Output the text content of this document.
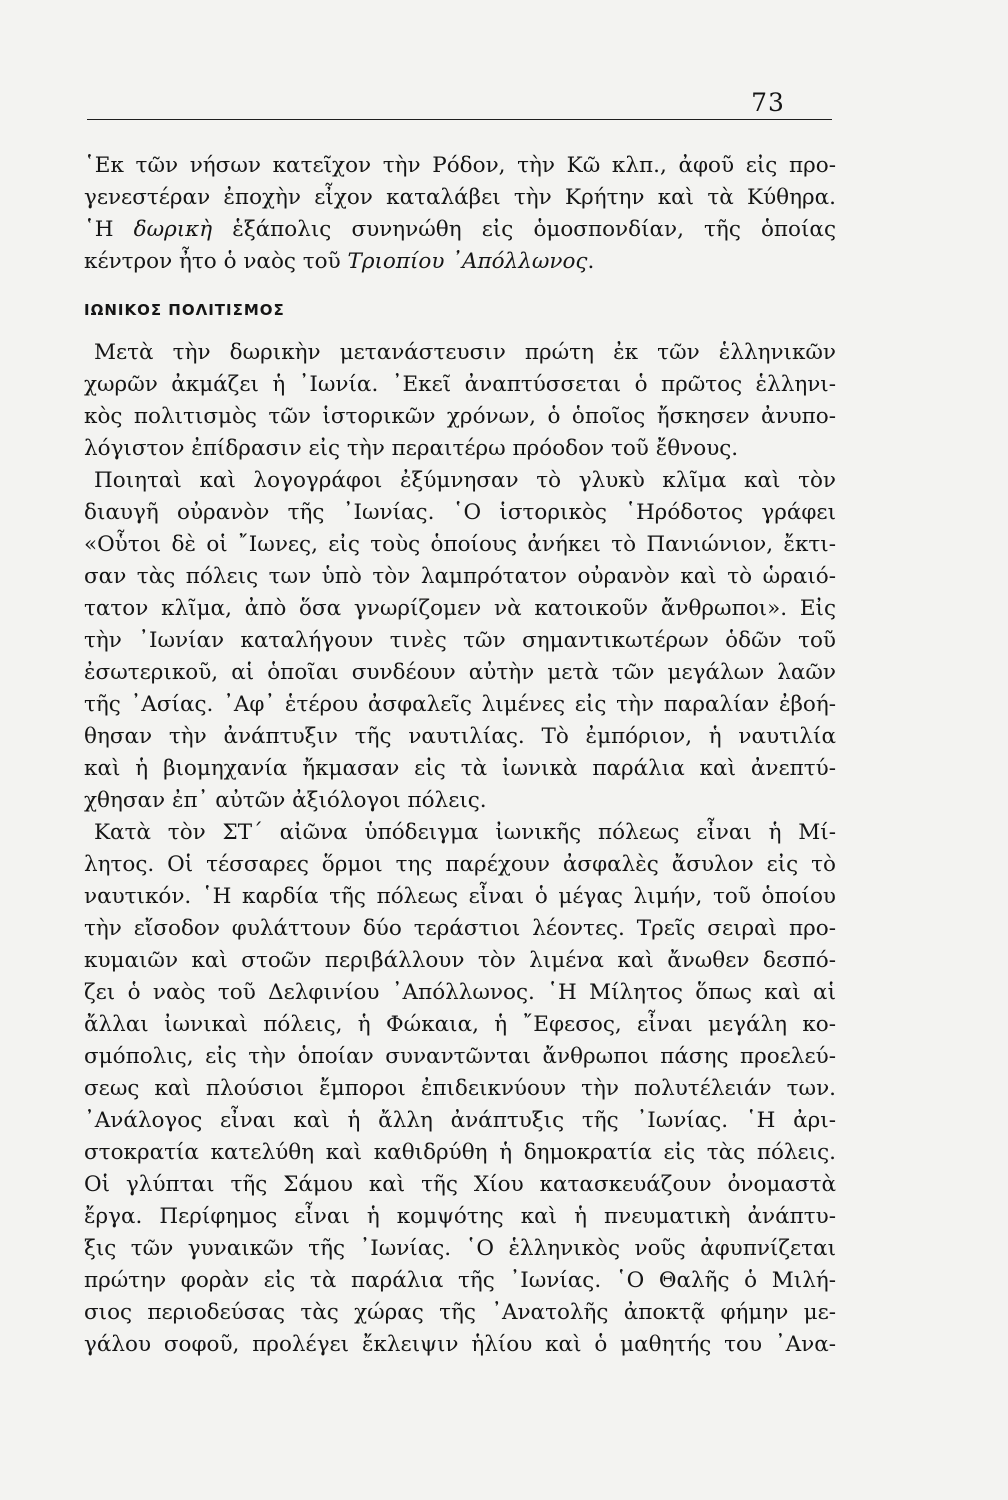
73
῾Εκ τῶν νήσων κατεῖχον τὴν Ρόδον, τὴν Κῶ κλπ., ἀφοῦ εἰς προ-
γενεστέραν ἐποχὴν εἶχον καταλάβει τὴν Κρήτην καὶ τὰ Κύθηρα.
῾Η δωρικὴ ἑξάπολις συνηνώθη εἰς ὁμοσπονδίαν, τῆς ὁποίας
κέντρον ἦτο ὁ ναὸς τοῦ Τριοπίου ᾿Απόλλωνος.
ΙΩΝΙΚΟΣ ΠΟΛΙΤΙΣΜΟΣ
Μετὰ τὴν δωρικὴν μετανάστευσιν πρώτη ἐκ τῶν ἑλληνικῶν
χωρῶν ἀκμάζει ἡ ᾿Ιωνία. ᾿Εκεῖ ἀναπτύσσεται ὁ πρῶτος ἑλληνι-
κὸς πολιτισμὸς τῶν ἱστορικῶν χρόνων, ὁ ὁποῖος ἤσκησεν ἀνυπο-
λόγιστον ἐπίδρασιν εἰς τὴν περαιτέρω πρόοδον τοῦ ἔθνους.
Ποιηταὶ καὶ λογογράφοι ἐξύμνησαν τὸ γλυκὺ κλῖμα καὶ τὸν
διαυγῆ οὐρανὸν τῆς ᾿Ιωνίας. ῾Ο ἱστορικὸς ῾Ηρόδοτος γράφει
«Οὗτοι δὲ οἱ ῎Ιωνες, εἰς τοὺς ὁποίους ἀνήκει τὸ Πανιώνιον, ἔκτι-
σαν τὰς πόλεις των ὑπὸ τὸν λαμπρότατον οὐρανὸν καὶ τὸ ὡραιό-
τατον κλῖμα, ἀπὸ ὅσα γνωρίζομεν νὰ κατοικοῦν ἄνθρωποι». Εἰς
τὴν ᾿Ιωνίαν καταλήγουν τινὲς τῶν σημαντικωτέρων ὁδῶν τοῦ
ἐσωτερικοῦ, αἱ ὁποῖαι συνδέουν αὐτὴν μετὰ τῶν μεγάλων λαῶν
τῆς ᾿Ασίας. ᾿Αφ᾿ ἑτέρου ἀσφαλεῖς λιμένες εἰς τὴν παραλίαν ἐβοή-
θησαν τὴν ἀνάπτυξιν τῆς ναυτιλίας. Τὸ ἐμπόριον, ἡ ναυτιλία
καὶ ἡ βιομηχανία ἤκμασαν εἰς τὰ ἰωνικὰ παράλια καὶ ἀνεπτύ-
χθησαν ἐπ᾿ αὐτῶν ἀξιόλογοι πόλεις.
Κατὰ τὸν ΣΤ΄ αἰῶνα ὑπόδειγμα ἰωνικῆς πόλεως εἶναι ἡ Μί-
λητος. Οἱ τέσσαρες ὅρμοι της παρέχουν ἀσφαλὲς ἄσυλον εἰς τὸ
ναυτικόν. ῾Η καρδία τῆς πόλεως εἶναι ὁ μέγας λιμήν, τοῦ ὁποίου
τὴν εἴσοδον φυλάττουν δύο τεράστιοι λέοντες. Τρεῖς σειραὶ προ-
κυμαιῶν καὶ στοῶν περιβάλλουν τὸν λιμένα καὶ ἄνωθεν δεσπό-
ζει ὁ ναὸς τοῦ Δελφινίου ᾿Απόλλωνος. ῾Η Μίλητος ὅπως καὶ αἱ
ἄλλαι ἰωνικαὶ πόλεις, ἡ Φώκαια, ἡ ῎Εφεσος, εἶναι μεγάλη κο-
σμόπολις, εἰς τὴν ὁποίαν συναντῶνται ἄνθρωποι πάσης προελεύ-
σεως καὶ πλούσιοι ἔμποροι ἐπιδεικνύουν τὴν πολυτέλειάν των.
᾿Ανάλογος εἶναι καὶ ἡ ἄλλη ἀνάπτυξις τῆς ᾿Ιωνίας. ῾Η ἀρι-
στοκρατία κατελύθη καὶ καθιδρύθη ἡ δημοκρατία εἰς τὰς πόλεις.
Οἱ γλύπται τῆς Σάμου καὶ τῆς Χίου κατασκευάζουν ὀνομαστὰ
ἔργα. Περίφημος εἶναι ἡ κομψότης καὶ ἡ πνευματικὴ ἀνάπτυ-
ξις τῶν γυναικῶν τῆς ᾿Ιωνίας. ῾Ο ἑλληνικὸς νοῦς ἀφυπνίζεται
πρώτην φορὰν εἰς τὰ παράλια τῆς ᾿Ιωνίας. ῾Ο Θαλῆς ὁ Μιλή-
σιος περιοδεύσας τὰς χώρας τῆς ᾿Ανατολῆς ἀποκτᾷ φήμην με-
γάλου σοφοῦ, προλέγει ἔκλειψιν ἡλίου καὶ ὁ μαθητής του ᾿Ανα-
